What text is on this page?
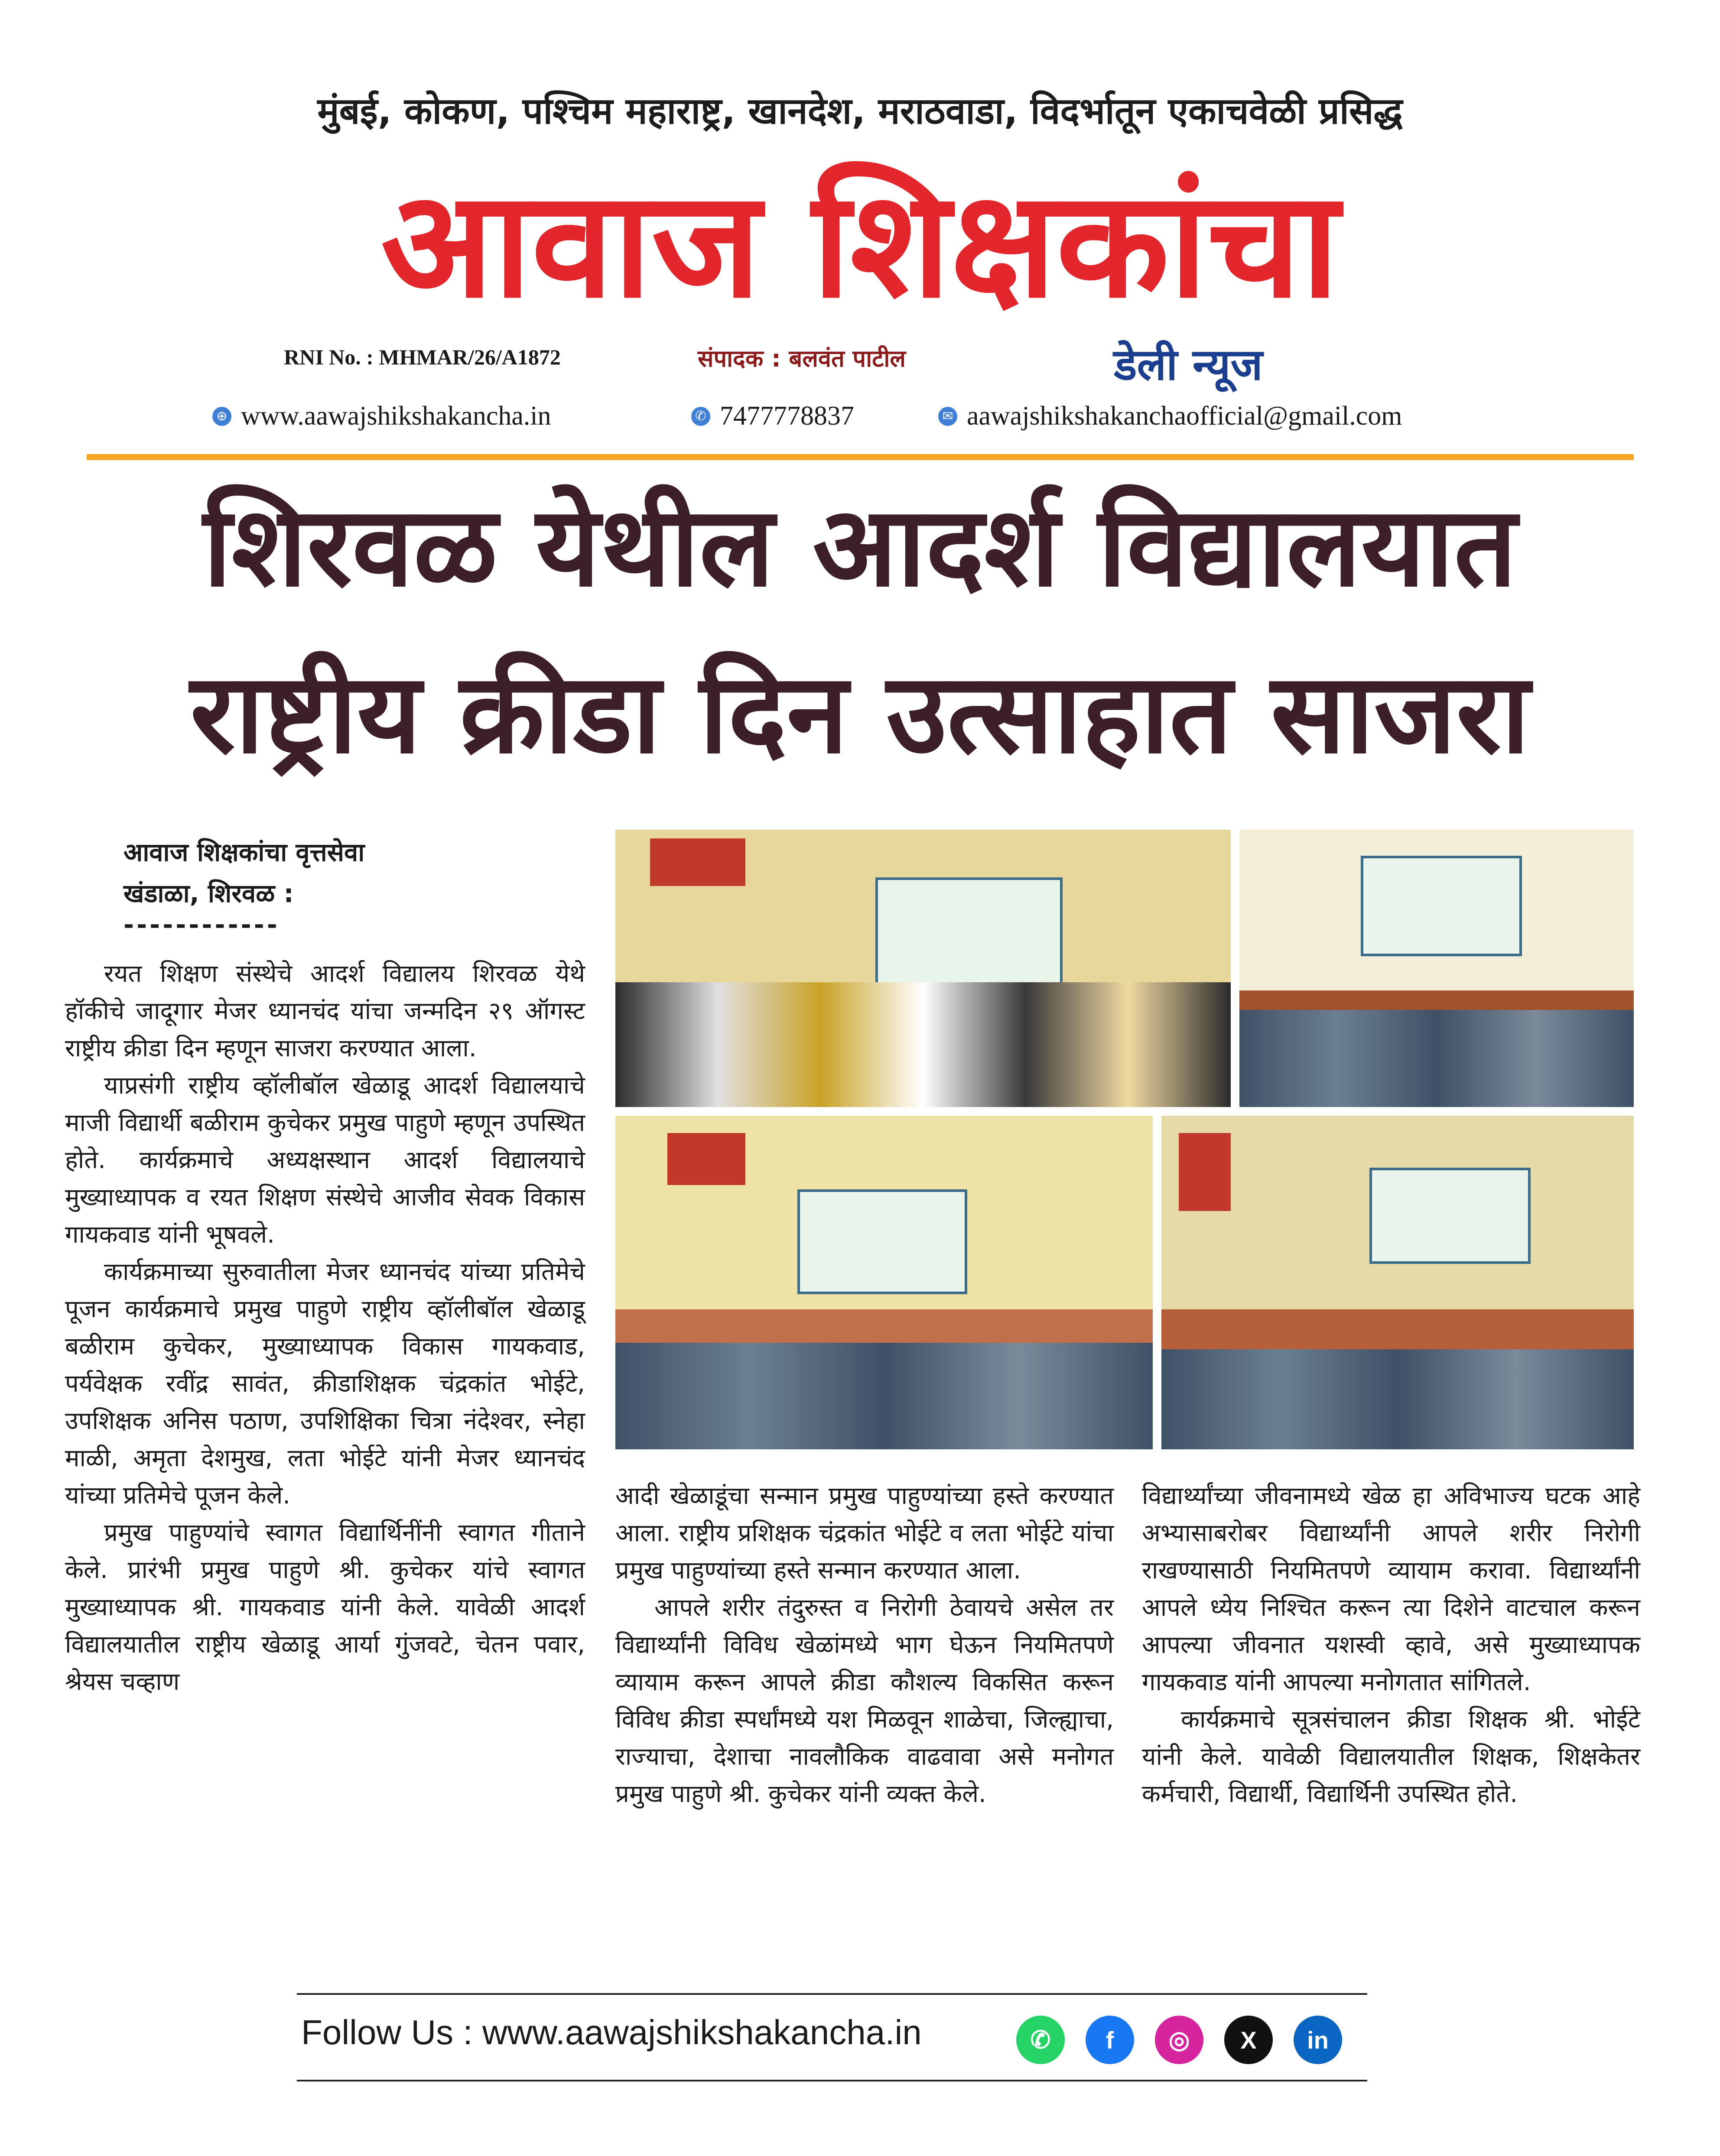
मुंबई, कोकण, पश्चिम महाराष्ट्र, खानदेश, मराठवाडा, विदर्भातून एकाचवेळी प्रसिद्ध
आवाज शिक्षकांचा
RNI No. : MHMAR/26/A1872	संपादक : बलवंत पाटील	डेली न्यूज
⊕ www.aawajshikshakancha.in	✆ 7477778837	✉ aawajshikshakanchaofficial@gmail.com
शिरवळ येथील आदर्श विद्यालयात
राष्ट्रीय क्रीडा दिन उत्साहात साजरा
आवाज शिक्षकांचा वृत्तसेवा
खंडाळा, शिरवळ :
------------

रयत शिक्षण संस्थेचे आदर्श विद्यालय शिरवळ येथे हॉकीचे जादूगार मेजर ध्यानचंद यांचा जन्मदिन २९ ऑगस्ट राष्ट्रीय क्रीडा दिन म्हणून साजरा करण्यात आला.

याप्रसंगी राष्ट्रीय व्हॉलीबॉल खेळाडू आदर्श विद्यालयाचे माजी विद्यार्थी बळीराम कुचेकर प्रमुख पाहुणे म्हणून उपस्थित होते. कार्यक्रमाचे अध्यक्षस्थान आदर्श विद्यालयाचे मुख्याध्यापक व रयत शिक्षण संस्थेचे आजीव सेवक विकास गायकवाड यांनी भूषवले.

कार्यक्रमाच्या सुरुवातीला मेजर ध्यानचंद यांच्या प्रतिमेचे पूजन कार्यक्रमाचे प्रमुख पाहुणे राष्ट्रीय व्हॉलीबॉल खेळाडू बळीराम कुचेकर, मुख्याध्यापक विकास गायकवाड, पर्यवेक्षक रवींद्र सावंत, क्रीडाशिक्षक चंद्रकांत भोईटे, उपशिक्षक अनिस पठाण, उपशिक्षिका चित्रा नंदेश्वर, स्नेहा माळी, अमृता देशमुख, लता भोईटे यांनी मेजर ध्यानचंद यांच्या प्रतिमेचे पूजन केले.

प्रमुख पाहुण्यांचे स्वागत विद्यार्थिनींनी स्वागत गीताने केले. प्रारंभी प्रमुख पाहुणे श्री. कुचेकर यांचे स्वागत मुख्याध्यापक श्री. गायकवाड यांनी केले. यावेळी आदर्श विद्यालयातील राष्ट्रीय खेळाडू आर्या गुंजवटे, चेतन पवार, श्रेयस चव्हाण

आदी खेळाडूंचा सन्मान प्रमुख पाहुण्यांच्या हस्ते करण्यात आला. राष्ट्रीय प्रशिक्षक चंद्रकांत भोईटे व लता भोईटे यांचा प्रमुख पाहुण्यांच्या हस्ते सन्मान करण्यात आला.

आपले शरीर तंदुरुस्त व निरोगी ठेवायचे असेल तर विद्यार्थ्यांनी विविध खेळांमध्ये भाग घेऊन नियमितपणे व्यायाम करून आपले क्रीडा कौशल्य विकसित करून विविध क्रीडा स्पर्धांमध्ये यश मिळवून शाळेचा, जिल्ह्याचा, राज्याचा, देशाचा नावलौकिक वाढवावा असे मनोगत प्रमुख पाहुणे श्री. कुचेकर यांनी व्यक्त केले.

विद्यार्थ्यांच्या जीवनामध्ये खेळ हा अविभाज्य घटक आहे अभ्यासाबरोबर विद्यार्थ्यांनी आपले शरीर निरोगी राखण्यासाठी नियमितपणे व्यायाम करावा. विद्यार्थ्यांनी आपले ध्येय निश्चित करून त्या दिशेने वाटचाल करून आपल्या जीवनात यशस्वी व्हावे, असे मुख्याध्यापक गायकवाड यांनी आपल्या मनोगतात सांगितले.

कार्यक्रमाचे सूत्रसंचालन क्रीडा शिक्षक श्री. भोईटे यांनी केले. यावेळी विद्यालयातील शिक्षक, शिक्षकेतर कर्मचारी, विद्यार्थी, विद्यार्थिनी उपस्थित होते.

Follow Us : www.aawajshikshakancha.in	✆	f	◎	X	in
